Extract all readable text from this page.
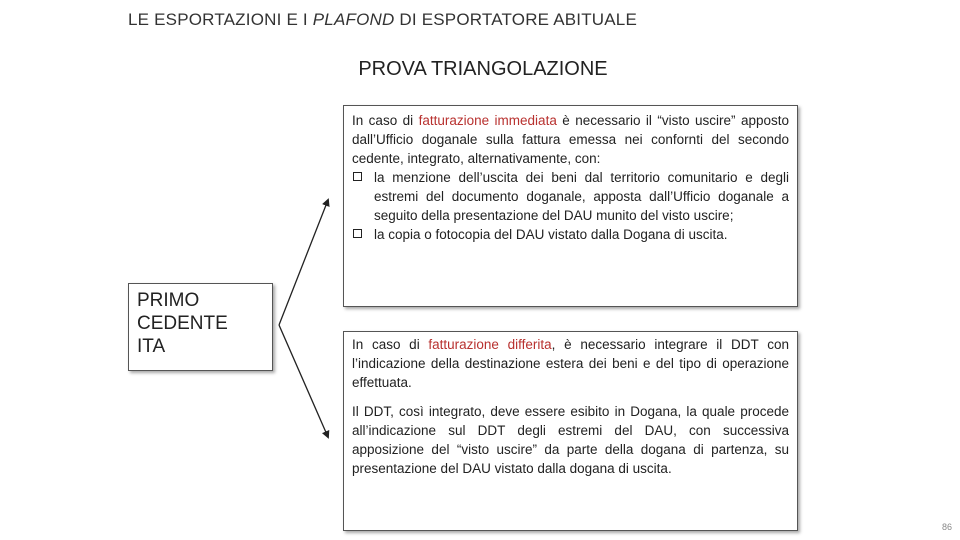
LE ESPORTAZIONI E I PLAFOND DI ESPORTATORE ABITUALE
PROVA TRIANGOLAZIONE
PRIMO
CEDENTE
ITA
In caso di fatturazione immediata è necessario il “visto uscire” apposto dall’Ufficio doganale sulla fattura emessa nei confornti del secondo cedente, integrato, alternativamente, con:
la menzione dell’uscita dei beni dal territorio comunitario e degli estremi del documento doganale, apposta dall’Ufficio doganale a seguito della presentazione del DAU munito del visto uscire;
la copia o fotocopia del DAU vistato dalla Dogana di uscita.
In caso di fatturazione differita, è necessario integrare il DDT con l’indicazione della destinazione estera dei beni e del tipo di operazione effettuata.
Il DDT, così integrato, deve essere esibito in Dogana, la quale procede all’indicazione sul DDT degli estremi del DAU, con successiva apposizione del “visto uscire” da parte della dogana di partenza, su presentazione del DAU vistato dalla dogana di uscita.
86
